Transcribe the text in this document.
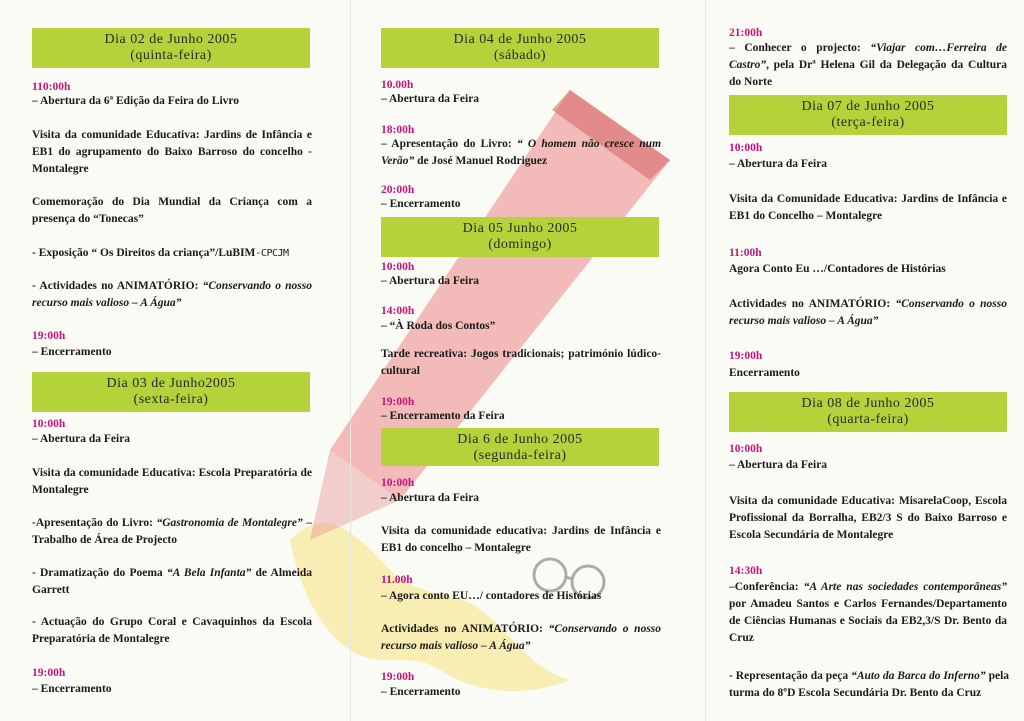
Dia 02 de Junho 2005
(quinta-feira)
110:00h
– Abertura da 6ª Edição da Feira do Livro
Visita da comunidade Educativa: Jardins de Infância e EB1 do agrupamento do Baixo Barroso do concelho - Montalegre
Comemoração do Dia Mundial da Criança com a presença do “Tonecas”
- Exposição “ Os Direitos da criança”/LuBIM-CPCJM
- Actividades no ANIMATÓRIO: “Conservando o nosso recurso mais valioso – A Água”
19:00h
– Encerramento
Dia 03 de Junho2005
(sexta-feira)
10:00h
– Abertura da Feira
Visita da comunidade Educativa: Escola Preparatória de Montalegre
-Apresentação do Livro: “Gastronomia de Montalegre” – Trabalho de Área de Projecto
- Dramatização do Poema “A Bela Infanta” de Almeida Garrett
- Actuação do Grupo Coral e Cavaquinhos da Escola Preparatória de Montalegre
19:00h
– Encerramento
Dia 04 de Junho 2005
(sábado)
10.00h
– Abertura da Feira
18:00h
– Apresentação do Livro: “ O homem não cresce num Verão” de José Manuel Rodriguez
20:00h
– Encerramento
Dia 05 Junho 2005
(domingo)
10:00h
– Abertura da Feira
14:00h
– “À Roda dos Contos”
Tarde recreativa: Jogos tradicionais; património lúdico-cultural
19:00h
– Encerramento da Feira
Dia 6 de Junho 2005
(segunda-feira)
10:00h
– Abertura da Feira
Visita da comunidade educativa: Jardins de Infância e EB1 do concelho – Montalegre
11.00h
– Agora conto EU…/ contadores de Histórias
Actividades no ANIMATÓRIO: “Conservando o nosso recurso mais valioso – A Água”
19:00h
– Encerramento
21:00h
– Conhecer o projecto: “Viajar com…Ferreira de Castro”, pela Drª Helena Gil da Delegação da Cultura do Norte
Dia 07 de Junho 2005
(terça-feira)
10:00h
– Abertura da Feira
Visita da Comunidade Educativa: Jardins de Infância e EB1 do Concelho – Montalegre
11:00h
Agora Conto Eu …/Contadores de Histórias
Actividades no ANIMATÓRIO: “Conservando o nosso recurso mais valioso – A Água”
19:00h
Encerramento
Dia 08 de Junho 2005
(quarta-feira)
10:00h
– Abertura da Feira
Visita da comunidade Educativa: MisarelaCoop, Escola Profissional da Borralha, EB2/3 S do Baixo Barroso e Escola Secundária de Montalegre
14:30h
–Conferência: “A Arte nas sociedades contemporâneas” por Amadeu Santos e Carlos Fernandes/Departamento de Ciências Humanas e Sociais da EB2,3/S Dr. Bento da Cruz
- Representação da peça “Auto da Barca do Inferno” pela turma do 8ºD Escola Secundária Dr. Bento da Cruz
